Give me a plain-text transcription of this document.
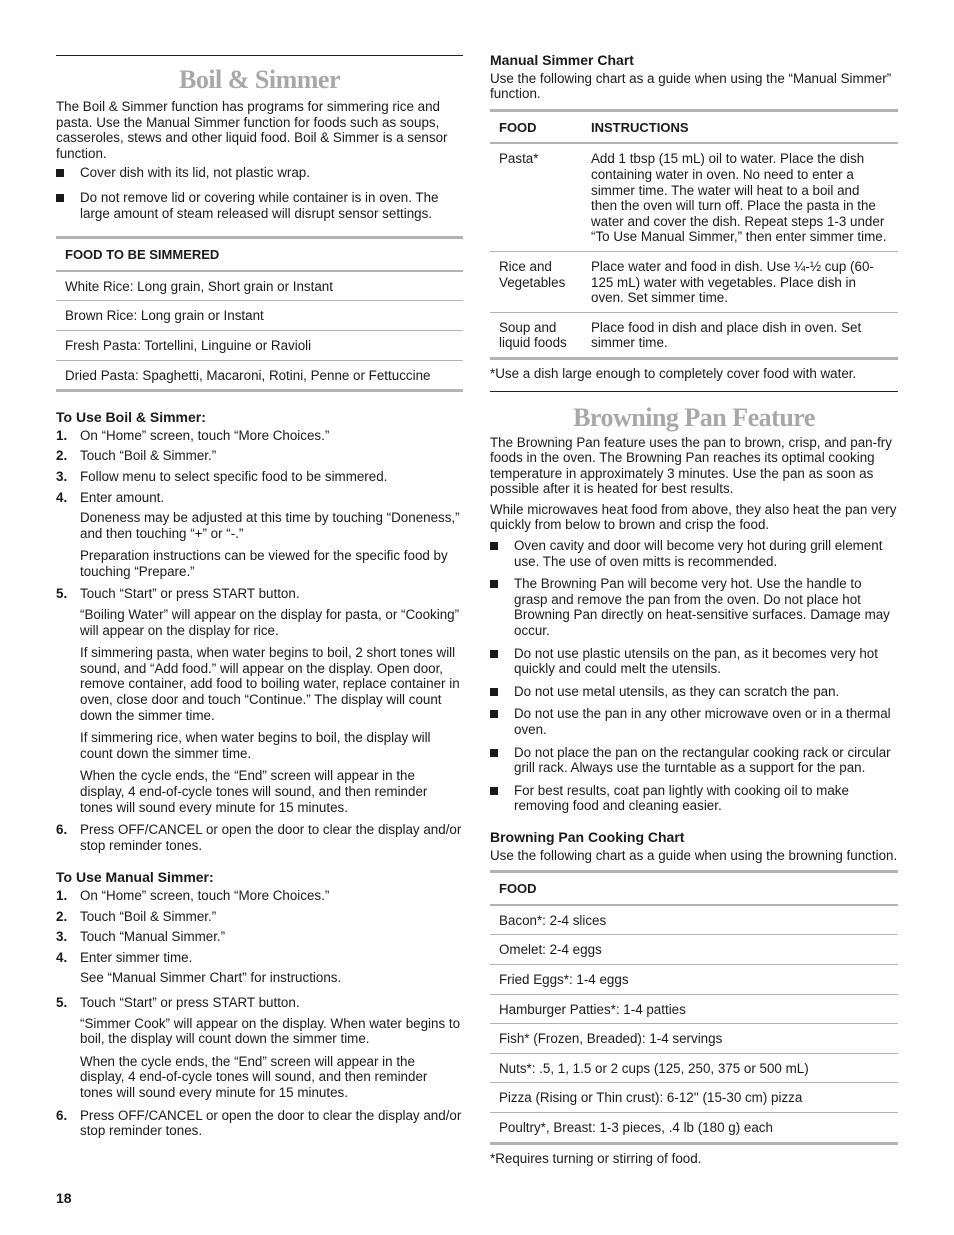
Boil & Simmer

The Boil & Simmer function has programs for simmering rice and pasta. Use the Manual Simmer function for foods such as soups, casseroles, stews and other liquid food. Boil & Simmer is a sensor function.

Cover dish with its lid, not plastic wrap.

Do not remove lid or covering while container is in oven. The large amount of steam released will disrupt sensor settings.

FOOD TO BE SIMMERED
White Rice: Long grain, Short grain or Instant
Brown Rice: Long grain or Instant
Fresh Pasta: Tortellini, Linguine or Ravioli
Dried Pasta: Spaghetti, Macaroni, Rotini, Penne or Fettuccine

To Use Boil & Simmer:

1. On “Home” screen, touch “More Choices.”
2. Touch “Boil & Simmer.”
3. Follow menu to select specific food to be simmered.
4. Enter amount.

Doneness may be adjusted at this time by touching “Doneness,” and then touching “+” or “-.”

Preparation instructions can be viewed for the specific food by touching “Prepare.”

5. Touch “Start” or press START button.

“Boiling Water” will appear on the display for pasta, or “Cooking” will appear on the display for rice.

If simmering pasta, when water begins to boil, 2 short tones will sound, and “Add food.” will appear on the display. Open door, remove container, add food to boiling water, replace container in oven, close door and touch “Continue.” The display will count down the simmer time.

If simmering rice, when water begins to boil, the display will count down the simmer time.

When the cycle ends, the “End” screen will appear in the display, 4 end-of-cycle tones will sound, and then reminder tones will sound every minute for 15 minutes.

6. Press OFF/CANCEL or open the door to clear the display and/or stop reminder tones.

To Use Manual Simmer:

1. On “Home” screen, touch “More Choices.”
2. Touch “Boil & Simmer.”
3. Touch “Manual Simmer.”
4. Enter simmer time.

See “Manual Simmer Chart” for instructions.

5. Touch “Start” or press START button.

“Simmer Cook” will appear on the display. When water begins to boil, the display will count down the simmer time.

When the cycle ends, the “End” screen will appear in the display, 4 end-of-cycle tones will sound, and then reminder tones will sound every minute for 15 minutes.

6. Press OFF/CANCEL or open the door to clear the display and/or stop reminder tones.

Manual Simmer Chart

Use the following chart as a guide when using the “Manual Simmer” function.

FOOD	INSTRUCTIONS
Pasta*	Add 1 tbsp (15 mL) oil to water. Place the dish containing water in oven. No need to enter a simmer time. The water will heat to a boil and then the oven will turn off. Place the pasta in the water and cover the dish. Repeat steps 1-3 under “To Use Manual Simmer,” then enter simmer time.
Rice and Vegetables	Place water and food in dish. Use ¼-½ cup (60-125 mL) water with vegetables. Place dish in oven. Set simmer time.
Soup and liquid foods	Place food in dish and place dish in oven. Set simmer time.

*Use a dish large enough to completely cover food with water.

Browning Pan Feature

The Browning Pan feature uses the pan to brown, crisp, and pan-fry foods in the oven. The Browning Pan reaches its optimal cooking temperature in approximately 3 minutes. Use the pan as soon as possible after it is heated for best results.

While microwaves heat food from above, they also heat the pan very quickly from below to brown and crisp the food.

Oven cavity and door will become very hot during grill element use. The use of oven mitts is recommended.

The Browning Pan will become very hot. Use the handle to grasp and remove the pan from the oven. Do not place hot Browning Pan directly on heat-sensitive surfaces. Damage may occur.

Do not use plastic utensils on the pan, as it becomes very hot quickly and could melt the utensils.

Do not use metal utensils, as they can scratch the pan.

Do not use the pan in any other microwave oven or in a thermal oven.

Do not place the pan on the rectangular cooking rack or circular grill rack. Always use the turntable as a support for the pan.

For best results, coat pan lightly with cooking oil to make removing food and cleaning easier.

Browning Pan Cooking Chart

Use the following chart as a guide when using the browning function.

FOOD
Bacon*: 2-4 slices
Omelet: 2-4 eggs
Fried Eggs*: 1-4 eggs
Hamburger Patties*: 1-4 patties
Fish* (Frozen, Breaded): 1-4 servings
Nuts*: .5, 1, 1.5 or 2 cups (125, 250, 375 or 500 mL)
Pizza (Rising or Thin crust): 6-12'' (15-30 cm) pizza
Poultry*, Breast: 1-3 pieces, .4 lb (180 g) each

*Requires turning or stirring of food.

18
